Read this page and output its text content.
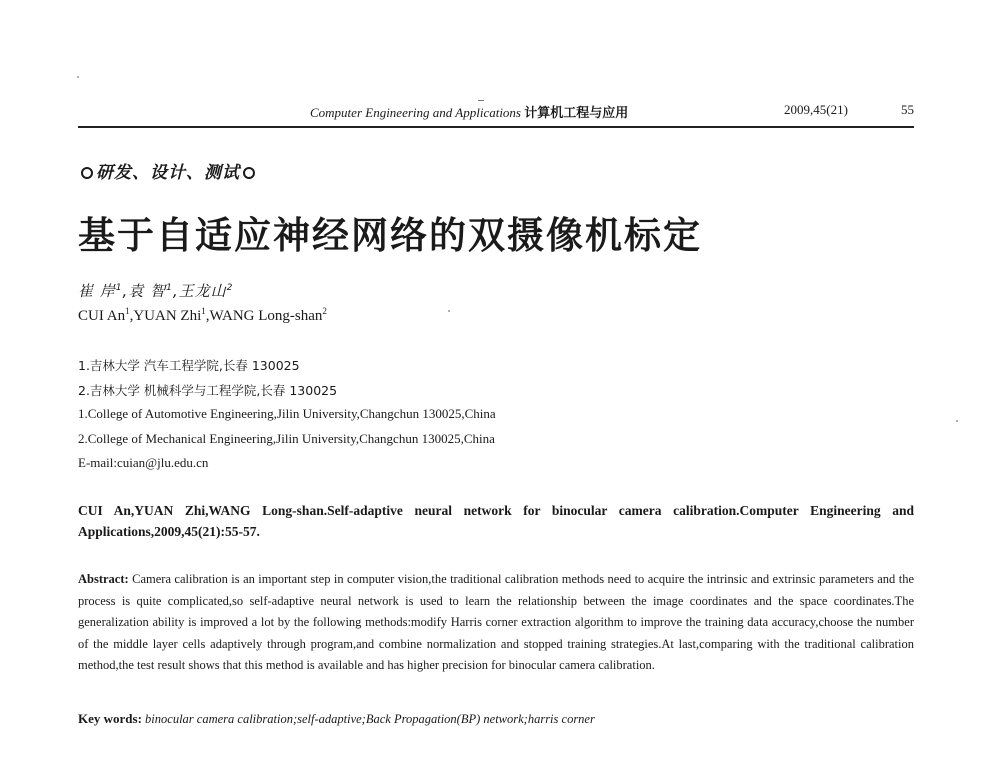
Computer Engineering and Applications 计算机工程与应用	2009,45(21)	55
研发、设计、测试
基于自适应神经网络的双摄像机标定
崔 岸$^1$,袁 智$^1$,王龙山$^2$
CUI An$^1$,YUAN Zhi$^1$,WANG Long-shan$^2$
1.吉林大学 汽车工程学院,长春 130025
2.吉林大学 机械科学与工程学院,长春 130025
1.College of Automotive Engineering,Jilin University,Changchun 130025,China
2.College of Mechanical Engineering,Jilin University,Changchun 130025,China
E-mail:cuian@jlu.edu.cn
CUI An,YUAN Zhi,WANG Long-shan.Self-adaptive neural network for binocular camera calibration.Computer Engineering and Applications,2009,45(21):55-57.
Abstract: Camera calibration is an important step in computer vision,the traditional calibration methods need to acquire the intrinsic and extrinsic parameters and the process is quite complicated,so self-adaptive neural network is used to learn the relationship between the image coordinates and the space coordinates.The generalization ability is improved a lot by the following methods:modify Harris corner extraction algorithm to improve the training data accuracy,choose the number of the middle layer cells adaptively through program,and combine normalization and stopped training strategies.At last,comparing with the traditional calibration method,the test result shows that this method is available and has higher precision for binocular camera calibration.
Key words: binocular camera calibration;self-adaptive;Back Propagation(BP) network;harris corner
